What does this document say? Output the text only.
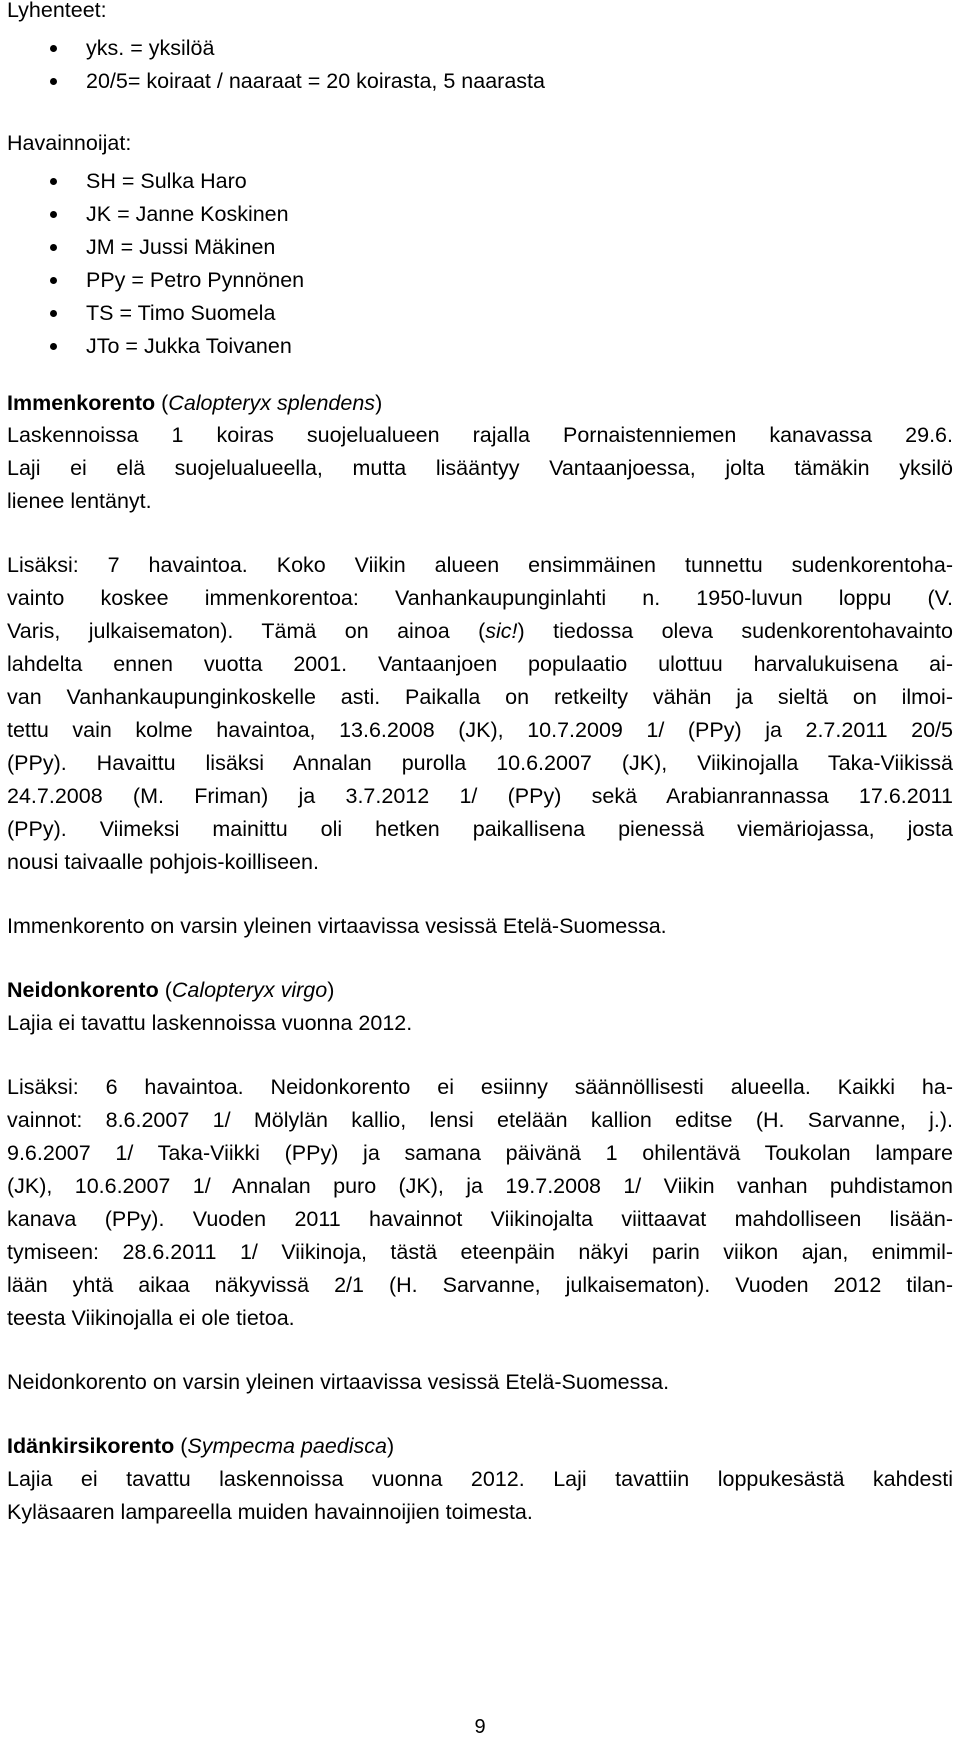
Lyhenteet:
yks. = yksilöä
20/5= koiraat / naaraat = 20 koirasta, 5 naarasta
Havainnoijat:
SH = Sulka Haro
JK = Janne Koskinen
JM = Jussi Mäkinen
PPy = Petro Pynnönen
TS = Timo Suomela
JTo = Jukka Toivanen
Immenkorento (Calopteryx splendens)
Laskennoissa 1 koiras suojelualueen rajalla Pornaistenniemen kanavassa 29.6.
Laji ei elä suojelualueella, mutta lisääntyy Vantaanjoessa, jolta tämäkin yksilö
lienee lentänyt.
Lisäksi: 7 havaintoa. Koko Viikin alueen ensimmäinen tunnettu sudenkorentoha-
vainto koskee immenkorentoa: Vanhankaupunginlahti n. 1950-luvun loppu (V.
Varis, julkaisematon). Tämä on ainoa (sic!) tiedossa oleva sudenkorentohavainto
lahdelta ennen vuotta 2001. Vantaanjoen populaatio ulottuu harvalukuisena ai-
van Vanhankaupunginkoskelle asti. Paikalla on retkeilty vähän ja sieltä on ilmoi-
tettu vain kolme havaintoa, 13.6.2008 (JK), 10.7.2009 1/ (PPy) ja 2.7.2011 20/5
(PPy). Havaittu lisäksi Annalan purolla 10.6.2007 (JK), Viikinojalla Taka-Viikissä
24.7.2008 (M. Friman) ja 3.7.2012 1/ (PPy) sekä Arabianrannassa 17.6.2011
(PPy). Viimeksi mainittu oli hetken paikallisena pienessä viemäriojassa, josta
nousi taivaalle pohjois-koilliseen.
Immenkorento on varsin yleinen virtaavissa vesissä Etelä-Suomessa.
Neidonkorento (Calopteryx virgo)
Lajia ei tavattu laskennoissa vuonna 2012.
Lisäksi: 6 havaintoa. Neidonkorento ei esiinny säännöllisesti alueella. Kaikki ha-
vainnot: 8.6.2007 1/ Mölylän kallio, lensi etelään kallion editse (H. Sarvanne, j.).
9.6.2007 1/ Taka-Viikki (PPy) ja samana päivänä 1 ohilentävä Toukolan lampare
(JK), 10.6.2007 1/ Annalan puro (JK), ja 19.7.2008 1/ Viikin vanhan puhdistamon
kanava (PPy). Vuoden 2011 havainnot Viikinojalta viittaavat mahdolliseen lisään-
tymiseen: 28.6.2011 1/ Viikinoja, tästä eteenpäin näkyi parin viikon ajan, enimmil-
lään yhtä aikaa näkyvissä 2/1 (H. Sarvanne, julkaisematon). Vuoden 2012 tilan-
teesta Viikinojalla ei ole tietoa.
Neidonkorento on varsin yleinen virtaavissa vesissä Etelä-Suomessa.
Idänkirsikorento (Sympecma paedisca)
Lajia ei tavattu laskennoissa vuonna 2012. Laji tavattiin loppukesästä kahdesti
Kyläsaaren lampareella muiden havainnoijien toimesta.
9
